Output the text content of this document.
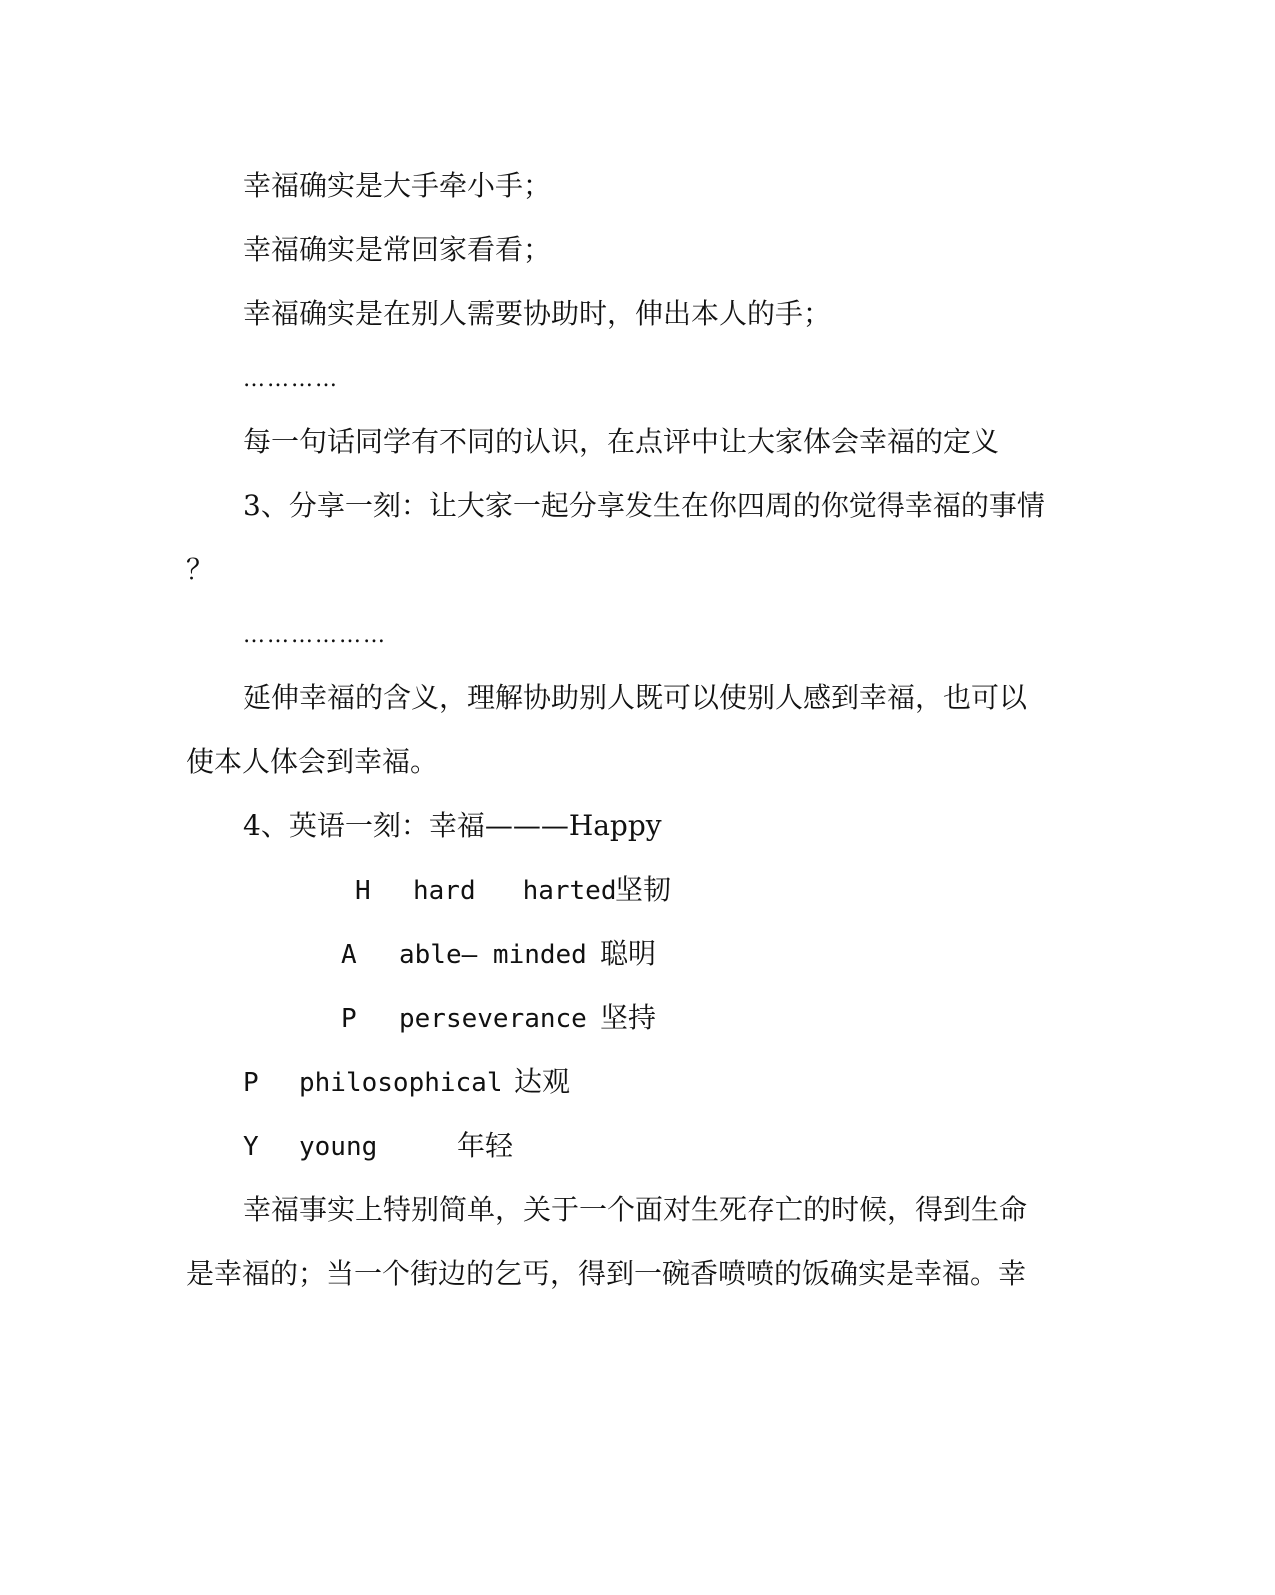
幸福确实是大手牵小手；
幸福确实是常回家看看；
幸福确实是在别人需要协助时，伸出本人的手；
…………
每一句话同学有不同的认识，在点评中让大家体会幸福的定义
3、分享一刻：让大家一起分享发生在你四周的你觉得幸福的事情
？
………………
延伸幸福的含义，理解协助别人既可以使别人感到幸福，也可以
使本人体会到幸福。
4、英语一刻：幸福———Happy
H hard   harted
坚韧
A able— minded 聪明
P perseverance 坚持
P philosophical 达观
Y young	年轻
幸福事实上特别简单，关于一个面对生死存亡的时候，得到生命
是幸福的；当一个街边的乞丐，得到一碗香喷喷的饭确实是幸福。幸
